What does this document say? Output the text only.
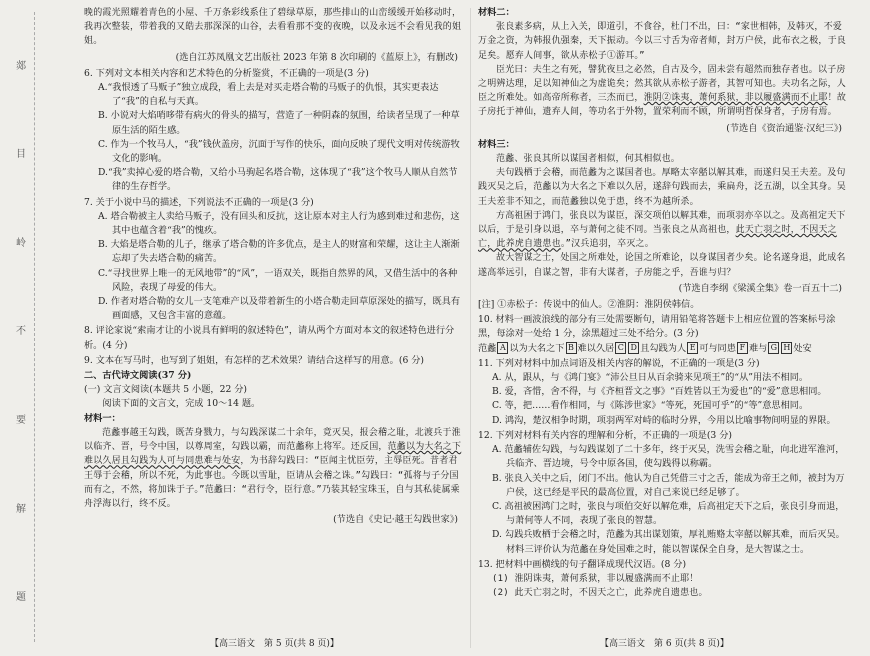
郯
目
岭
不
要
解
题

晚的霞光照耀着青色的小屋、千万条彩线系住了碧绿草原，那些排山的山峦缓缓开始移动时，我再次整装，带着我的又皓去那深深的山谷，去看看那不变的夜晚，以及永远不会看见我的姐姐。

(选自江苏凤凰文艺出版社 2023 年第 8 次印刷的《蓝原上》，有删改)

6. 下列对文本相关内容和艺术特色的分析鉴赏，不正确的一项是(3 分)

A.“我恨透了马贩子”独立成段，看上去是对买走塔合勒的马贩子的仇恨，其实更表达了“我”的自私与天真。

B. 小说对大焰哨哆带有病火的骨头的描写，营造了一种阴森的氛围，给读者呈现了一种草原生活的陌生感。

C. 作为一个牧马人，“我”钱伙盖房，沉面于写作的快乐，面向反映了现代文明对传统游牧文化的影响。

D.“我”卖掉心爱的塔合勒，又给小马驹起名塔合勒，这体现了“我”这个牧马人顺从自然节律的生存哲学。

7. 关于小说中马的描述，下列说法不正确的一项是(3 分)

A. 塔合勒被主人卖给马贩子，没有回头和反抗，这让原本对主人行为感到难过和悲伤，这其中也蕴含着“我”的愧疚。

B. 大焰是塔合勒的儿子，继承了塔合勒的许多优点，是主人的财富和荣耀，这让主人渐渐忘却了失去塔合勒的痛苦。

C.“寻找世界上唯一的无风地带”的“风”，一语双关，既指自然界的风，又借生活中的各种风险，表现了母爱的伟大。

D. 作者对塔合勒的女儿一支笔难产以及带着新生的小塔合勒走回草原深处的描写，既具有画面感，又包含丰富的意蕴。

8. 评论家说“索南才让的小说具有鲜明的叙述特色”，请从两个方面对本文的叙述特色进行分析。(4 分)

9. 文本在写马时，也写到了姐姐，有怎样的艺术效果？请结合这样写的用意。(6 分)

二、古代诗文阅读(37 分)

(一) 文言文阅读(本题共 5 小题，22 分)

阅读下面的文言文，完成 10～14 题。

材料一：

范蠡事越王勾践，既苦身戮力，与勾践深谋二十余年，竟灭吴，报会稽之耻，北渡兵于淮以临齐、晋，号令中国，以尊周室，勾践以霸，而范蠡称上将军。还反国，范蠡以为大名之下难以久居且勾践为人可与同患难与处安，为书辞勾践曰：“臣闻主忧臣劳，主辱臣死。昔者君王辱于会稽，所以不死，为此事也。今既以雪耻，臣请从会稽之诛。”勾践曰：“孤将与子分国而有之，不然，将加诛于子。”范蠡曰：“君行令，臣行意。”乃装其轻宝珠玉，自与其私徒属乘舟浮海以行，终不反。

(节选自《史记·越王勾践世家》)

材料二：

张良素多病，从上入关，即道引，不食谷，杜门不出，曰：“家世相韩，及韩灭，不爱万金之资，为韩报仇强秦，天下振动。今以三寸舌为帝者师，封万户侯，此布衣之极，于良足矣。愿弃人间事，欲从赤松子①游耳。”

臣光曰：夫生之有死，譬犹夜旦之必然，自古及今，固未尝有超然而独存者也。以子房之明辨达理，足以知神仙之为虚诡矣；然其欲从赤松子游者，其智可知也。夫功名之际，人臣之所难处。如高帝所称者，三杰而已，淮阴②诛夷，萧何系狱，非以履盛满而不止耶！故子房托于神仙，遗弃人间，等功名于外物，置荣利而不顾，所谓明哲保身者，子房有焉。

(节选自《资治通鉴·汉纪三》)

材料三：

范蠡、张良其所以谋国者相似，何其相似也。

夫句践栖于会稽，而范蠡为之谋国者也。厚略太宰嚭以解其难，而遂归吴王夫差。及句践灭吴之后，范蠡以为大名之下难以久居，遂辞句践而去，乘扁舟，泛五湖，以全其身。吴王夫差非不知之，而范蠡独以免于患，终不为越所杀。

方高祖困于鸿门，张良以为谋臣，深交项伯以解其难，而项羽亦卒以之。及高祖定天下以后，于是引身以退，卒与萧何之徒不同。当张良之从高祖也，此天亡羽之时，不因天之亡，此养虎自遗患也。”汉兵追羽，卒灭之。

故大智谋之士，处国之所难处，论国之所难论，以身谋国者少矣。论名遂身退，此成名遂高举远引，自谋之智，非有大谋者，子房能之乎，吾谁与归？

(节选自李纲《梁溪全集》卷一百五十二)

[注] ①赤松子：传说中的仙人。②淮阴：淮阴侯韩信。

10. 材料一画波浪线的部分有三处需要断句，请用铅笔将答题卡上相应位置的答案标号涂黑，每涂对一处给 1 分，涂黑超过三处不给分。(3 分)

范蠡 A 以为大名之下 B 难以久居 C D 且勾践为人 E 可与同患 F 难与 G H 处安

11. 下列对材料中加点词语及相关内容的解说，不正确的一项是(3 分)

A. 从，跟从，与《鸿门宴》“沛公旦日从百余骑来见项王”的“从”用法不相同。

B. 爱，吝惜，舍不得，与《齐桓晋文之事》“百姓皆以王为爱也”的“爱”意思相同。

C. 等，把……看作相同，与《陈涉世家》“等死，死国可乎”的“等”意思相同。

D. 鸿沟，楚汉相争时期，项羽两军对峙的临时分界，今用以比喻事物间明显的界限。

12. 下列对材料有关内容的理解和分析，不正确的一项是(3 分)

A. 范蠡辅佐勾践，与勾践谋划了二十多年，终于灭吴，洗雪会稽之耻，向北进军淮河，兵临齐、晋边境，号令中原各国，使勾践得以称霸。

B. 张良入关中之后，闭门不出。他认为自己凭借三寸之舌，能成为帝王之师，被封为万户侯，这已经是平民的最高位置，对自己来说已经足够了。

C. 高祖被困鸿门之时，张良与项伯交好以解危难，后高祖定天下之后，张良引身而退，与萧何等人不同，表现了张良的智慧。

D. 勾践兵败栖于会稽之时，范蠡为其出谋划策，厚礼贿赂太宰嚭以解其难，而后灭吴。材料三评价认为范蠡在身处国难之时，能以智谋保全自身，是大智谋之士。

13. 把材料中画横线的句子翻译成现代汉语。(8 分)

(1) 淮阴诛夷，萧何系狱，非以履盛满而不止耶！

(2) 此天亡羽之时，不因天之亡，此养虎自遗患也。

【高三语文　第 5 页(共 8 页)】	【高三语文　第 6 页(共 8 页)】
